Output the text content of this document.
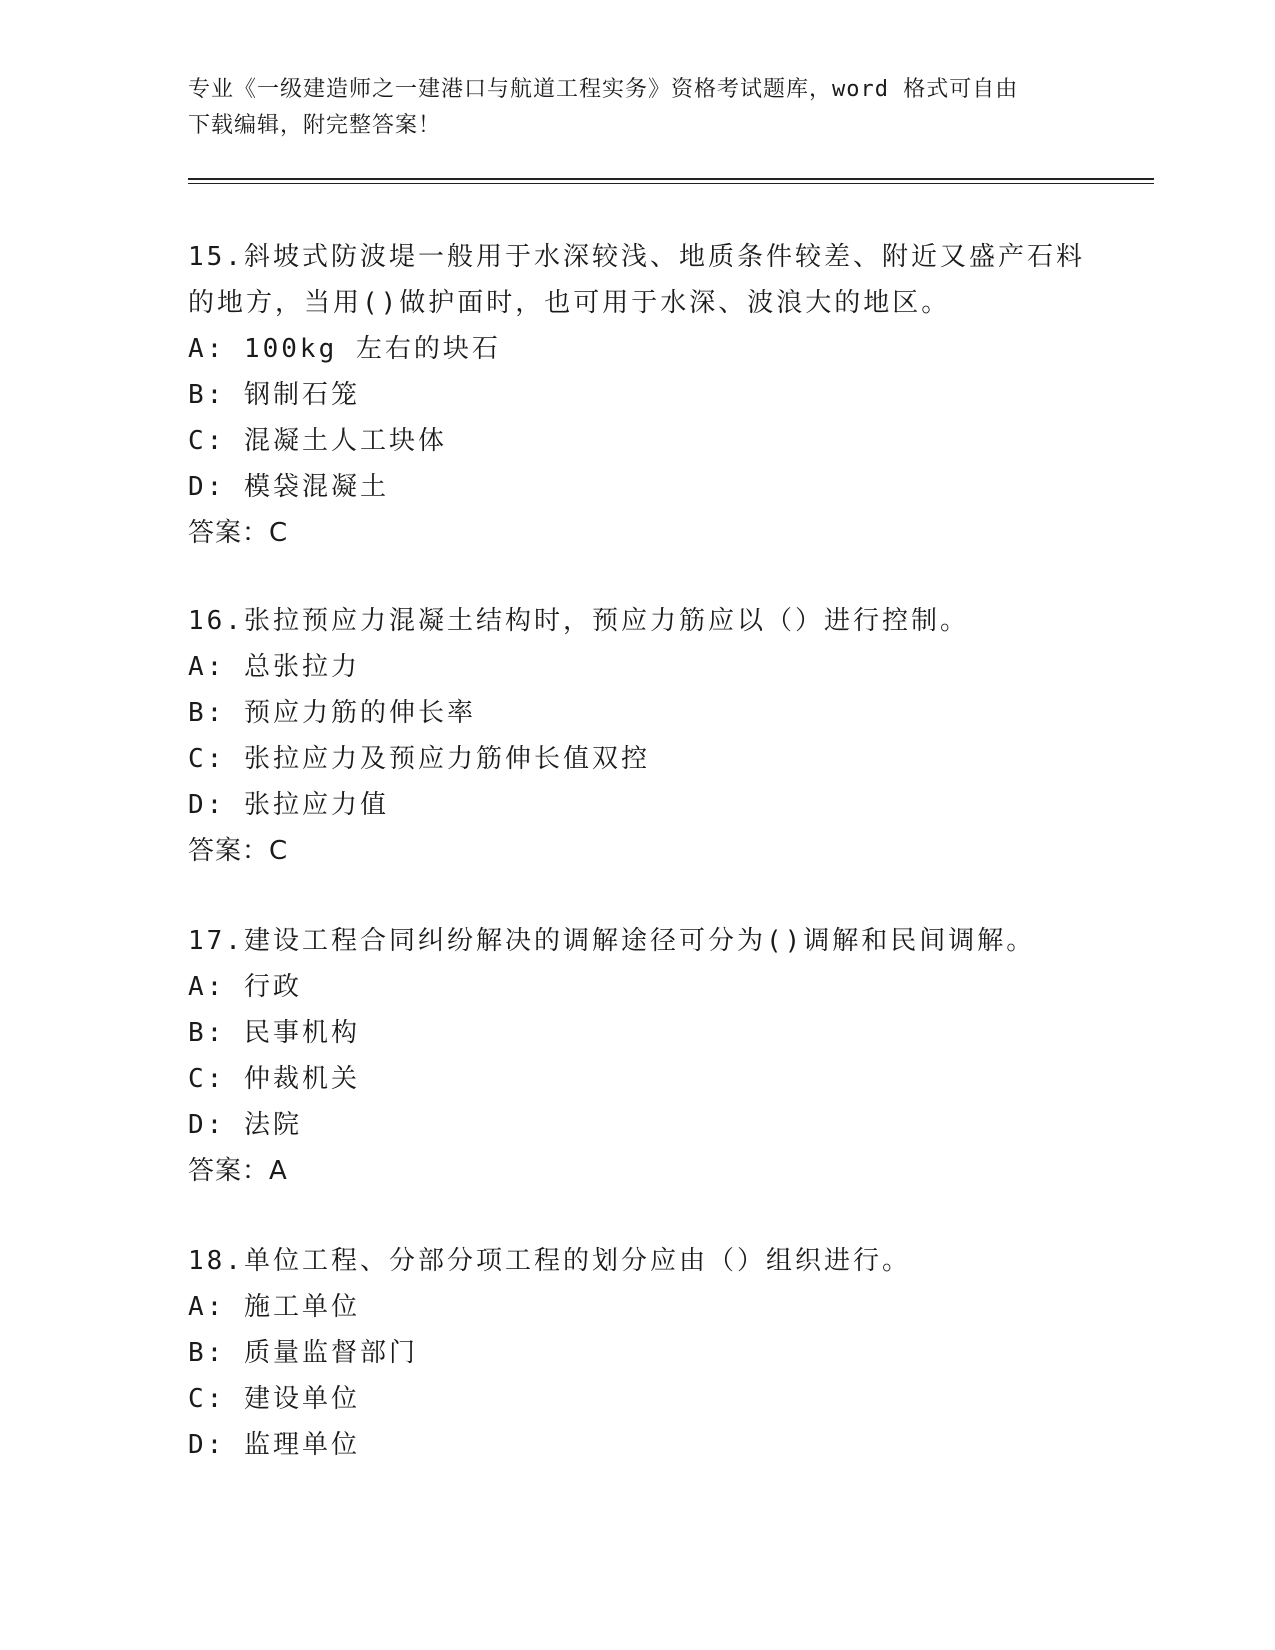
专业《一级建造师之一建港口与航道工程实务》资格考试题库，word 格式可自由
下载编辑，附完整答案！

15.斜坡式防波堤一般用于水深较浅、地质条件较差、附近又盛产石料

的地方，当用()做护面时，也可用于水深、波浪大的地区。

A: 100kg 左右的块石

B: 钢制石笼

C: 混凝土人工块体

D: 模袋混凝土

答案：C

16.张拉预应力混凝土结构时，预应力筋应以（）进行控制。

A: 总张拉力

B: 预应力筋的伸长率

C: 张拉应力及预应力筋伸长值双控

D: 张拉应力值

答案：C

17.建设工程合同纠纷解决的调解途径可分为()调解和民间调解。

A: 行政

B: 民事机构

C: 仲裁机关

D: 法院

答案：A

18.单位工程、分部分项工程的划分应由（）组织进行。

A: 施工单位

B: 质量监督部门

C: 建设单位

D: 监理单位
